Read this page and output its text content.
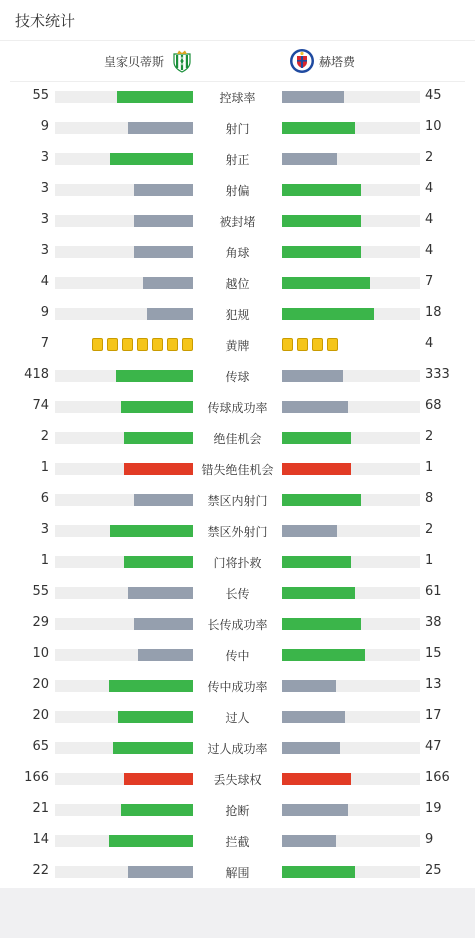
技术统计
皇家贝蒂斯	赫塔费
55	控球率	45
9	射门	10
3	射正	2
3	射偏	4
3	被封堵	4
3	角球	4
4	越位	7
9	犯规	18
7	黄牌	4
418	传球	333
74	传球成功率	68
2	绝佳机会	2
1	错失绝佳机会	1
6	禁区内射门	8
3	禁区外射门	2
1	门将扑救	1
55	长传	61
29	长传成功率	38
10	传中	15
20	传中成功率	13
20	过人	17
65	过人成功率	47
166	丢失球权	166
21	抢断	19
14	拦截	9
22	解围	25
